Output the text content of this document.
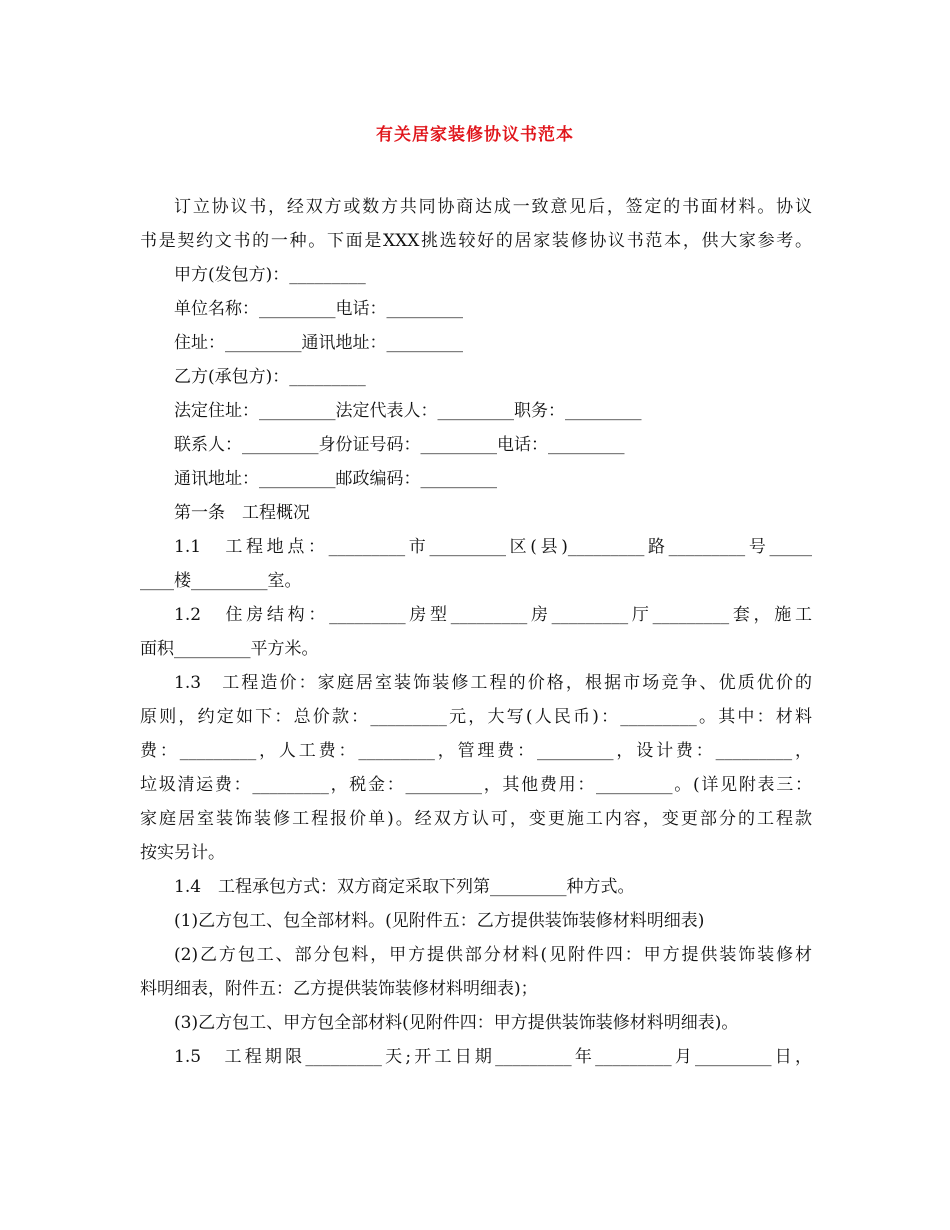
有关居家装修协议书范本
订立协议书，经双方或数方共同协商达成一致意见后，签定的书面材料。协议
书是契约文书的一种。下面是XXX挑选较好的居家装修协议书范本，供大家参考。
甲方(发包方)：_________
单位名称：_________电话：_________
住址：_________通讯地址：_________
乙方(承包方)：_________
法定住址：_________法定代表人：_________职务：_________
联系人：_________身份证号码：_________电话：_________
通讯地址：_________邮政编码：_________
第一条　工程概况
1.1　工程地点：_________市_________区(县)_________路_________号_____
____楼_________室。
1.2　住房结构：_________房型_________房_________厅_________套，施工
面积_________平方米。
1.3　工程造价：家庭居室装饰装修工程的价格，根据市场竞争、优质优价的
原则，约定如下：总价款：_________元，大写(人民币)：_________。其中：材料
费：_________，人工费：_________，管理费：_________，设计费：_________，
垃圾清运费：_________，税金：_________，其他费用：_________。(详见附表三：
家庭居室装饰装修工程报价单)。经双方认可，变更施工内容，变更部分的工程款
按实另计。
1.4　工程承包方式：双方商定采取下列第_________种方式。
(1)乙方包工、包全部材料。(见附件五：乙方提供装饰装修材料明细表)
(2)乙方包工、部分包料，甲方提供部分材料(见附件四：甲方提供装饰装修材
料明细表，附件五：乙方提供装饰装修材料明细表)；
(3)乙方包工、甲方包全部材料(见附件四：甲方提供装饰装修材料明细表)。
1.5　工程期限_________天;开工日期_________年_________月_________日，
